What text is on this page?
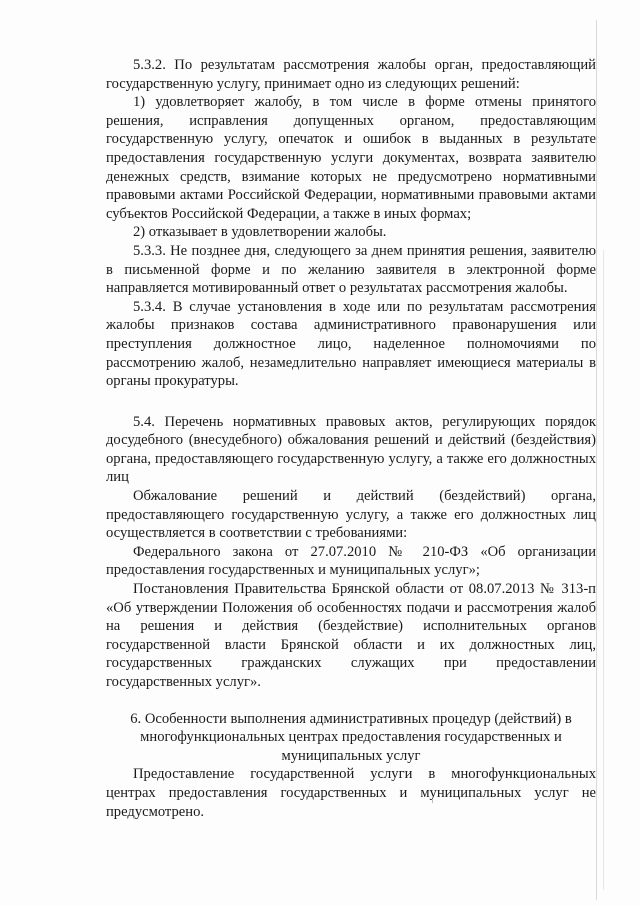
5.3.2. По результатам рассмотрения жалобы орган, предоставляющий государственную услугу, принимает одно из следующих решений:

1) удовлетворяет жалобу, в том числе в форме отмены принятого решения, исправления допущенных органом, предоставляющим государственную услугу, опечаток и ошибок в выданных в результате предоставления государственную услуги документах, возврата заявителю денежных средств, взимание которых не предусмотрено нормативными правовыми актами Российской Федерации, нормативными правовыми актами субъектов Российской Федерации, а также в иных формах;

2) отказывает в удовлетворении жалобы.

5.3.3. Не позднее дня, следующего за днем принятия решения, заявителю в письменной форме и по желанию заявителя в электронной форме направляется мотивированный ответ о результатах рассмотрения жалобы.

5.3.4. В случае установления в ходе или по результатам рассмотрения жалобы признаков состава административного правонарушения или преступления должностное лицо, наделенное полномочиями по рассмотрению жалоб, незамедлительно направляет имеющиеся материалы в органы прокуратуры.

5.4. Перечень нормативных правовых актов, регулирующих порядок досудебного (внесудебного) обжалования решений и действий (бездействия) органа, предоставляющего государственную услугу, а также его должностных лиц

Обжалование решений и действий (бездействий) органа, предоставляющего государственную услугу, а также его должностных лиц осуществляется в соответствии с требованиями:

Федерального закона от 27.07.2010 № 210-ФЗ «Об организации предоставления государственных и муниципальных услуг»;

Постановления Правительства Брянской области от 08.07.2013 № 313-п «Об утверждении Положения об особенностях подачи и рассмотрения жалоб на решения и действия (бездействие) исполнительных органов государственной власти Брянской области и их должностных лиц, государственных гражданских служащих при предоставлении государственных услуг».

6. Особенности выполнения административных процедур (действий) в многофункциональных центрах предоставления государственных и муниципальных услуг

Предоставление государственной услуги в многофункциональных центрах предоставления государственных и муниципальных услуг не предусмотрено.
